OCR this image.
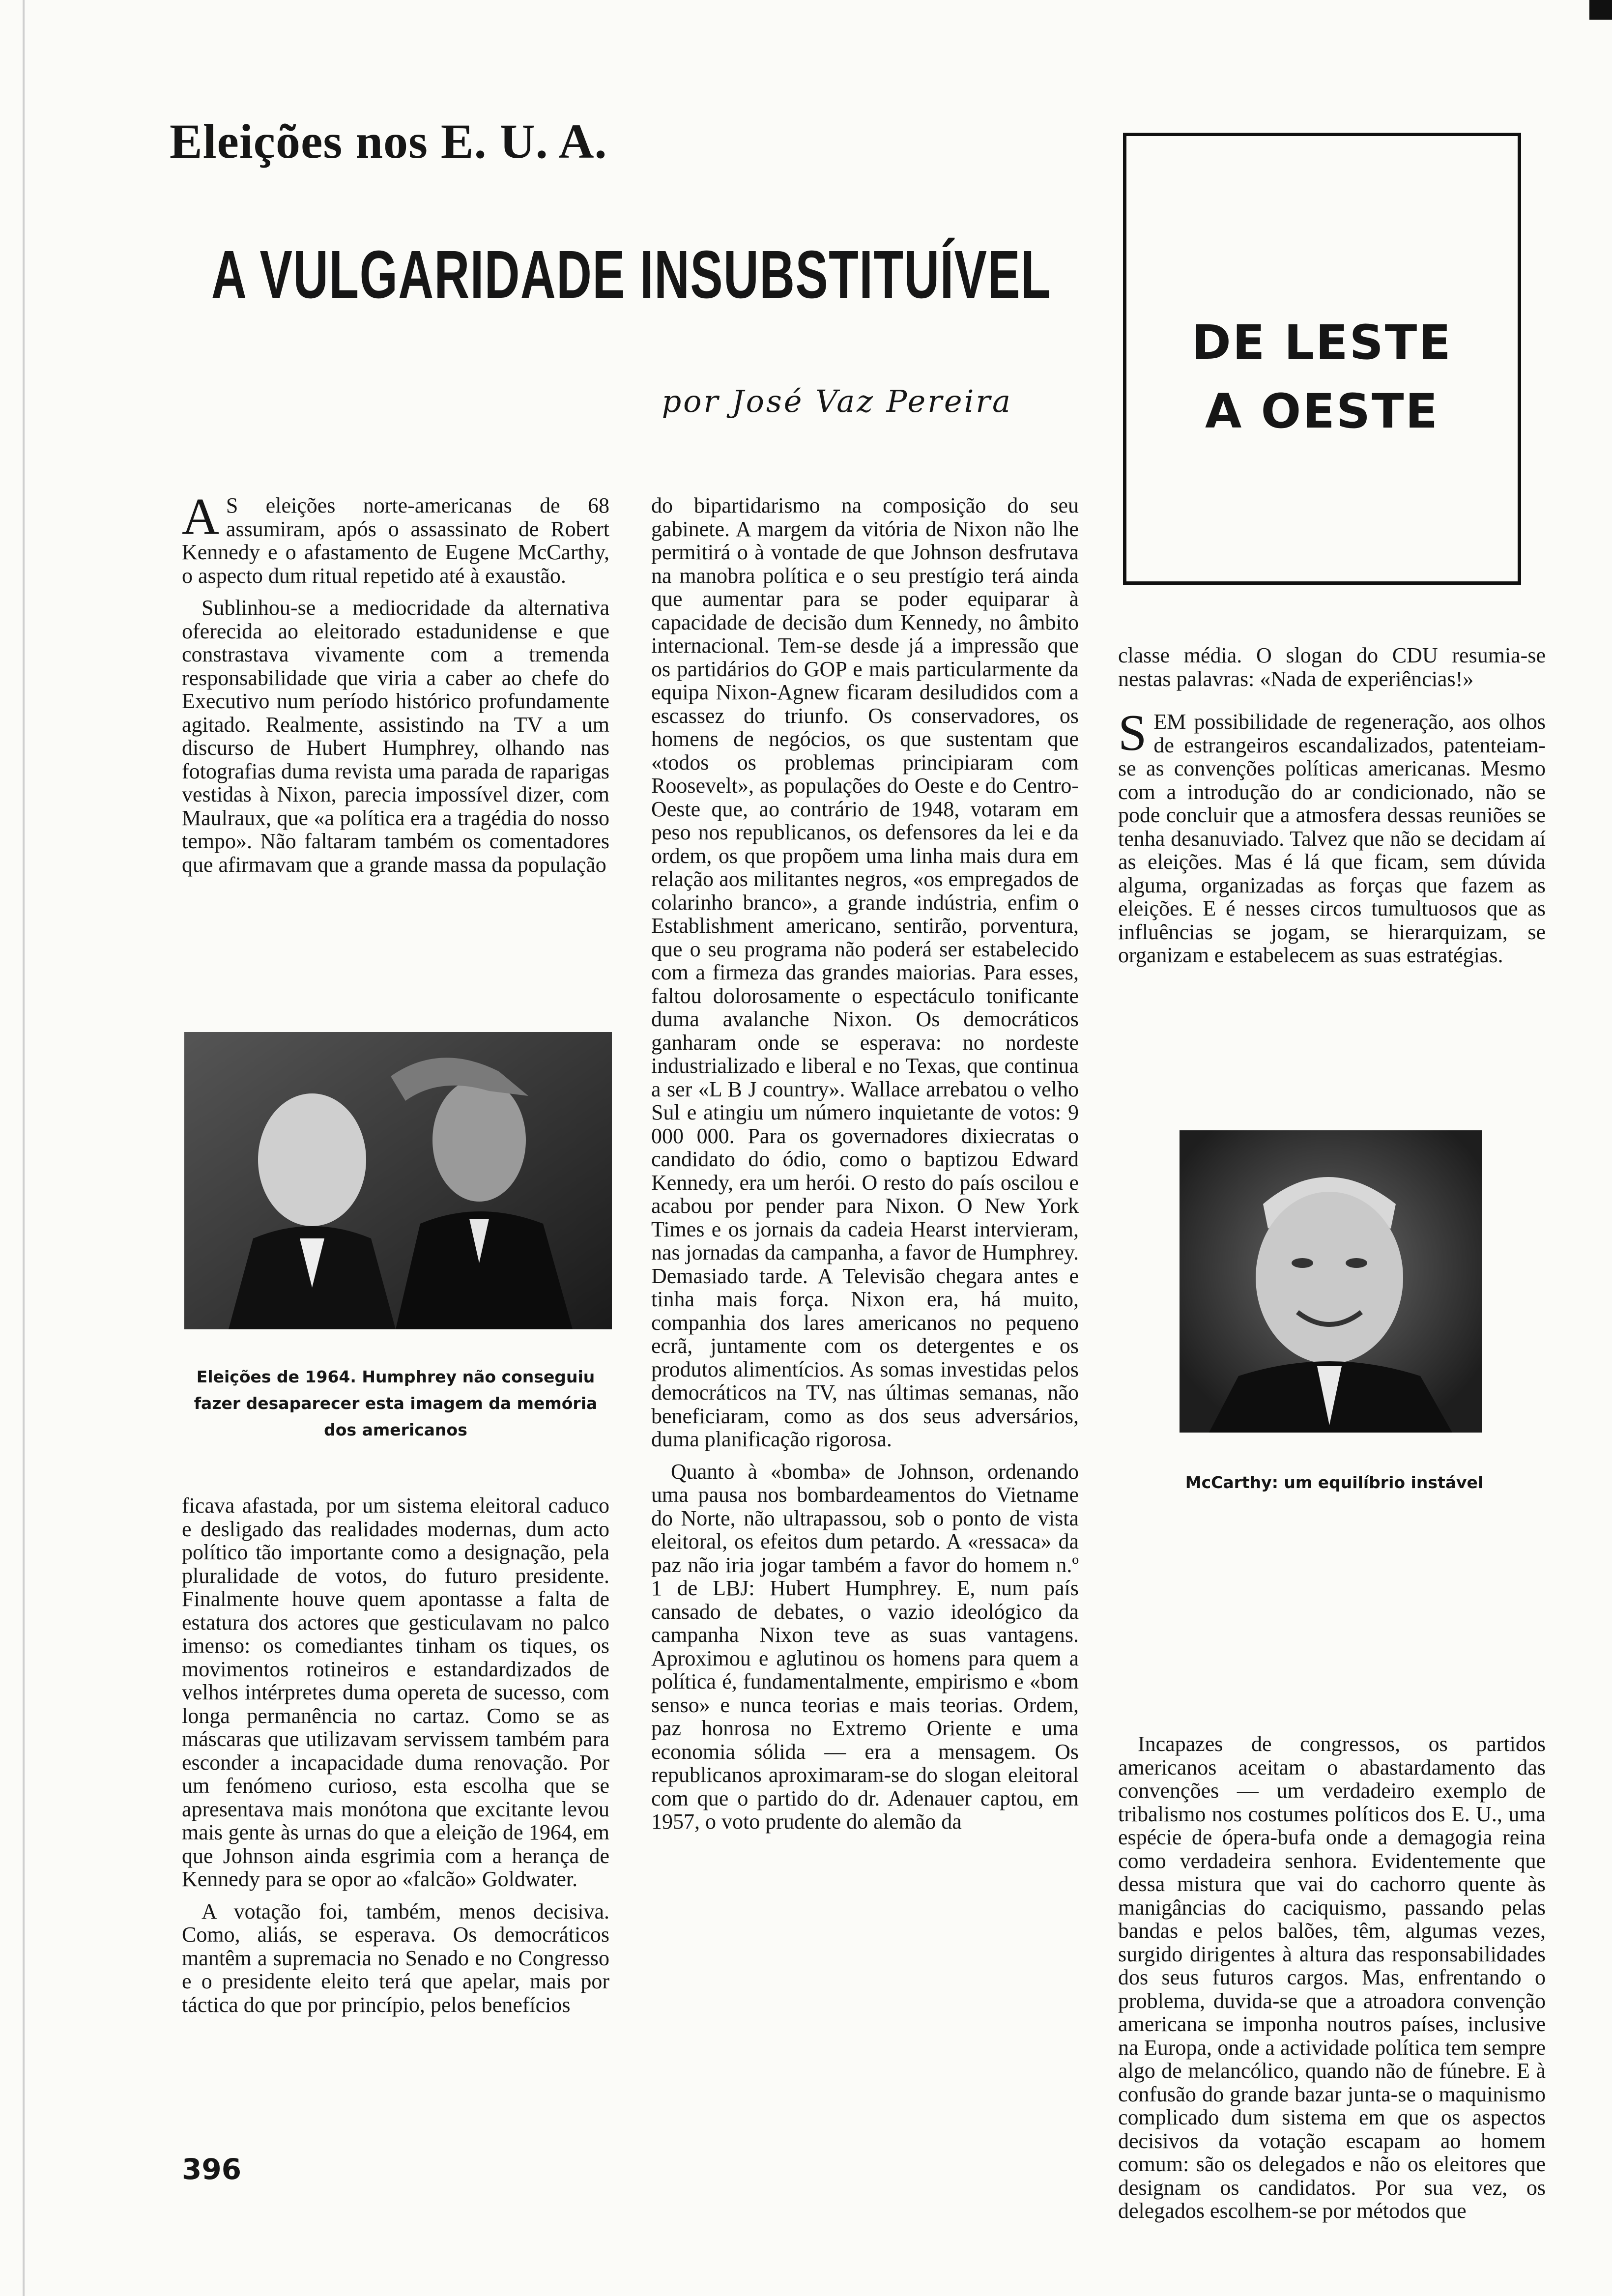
Eleições nos E. U. A.
A VULGARIDADE INSUBSTITUÍVEL
por José Vaz Pereira
DE LESTE
A OESTE

AS eleições norte-americanas de 68 assumiram, após o assassinato de Robert Kennedy e o afastamento de Eugene McCarthy, o aspecto dum ritual repetido até à exaustão.

Sublinhou-se a mediocridade da alternativa oferecida ao eleitorado estadunidense e que constrastava vivamente com a tremenda responsabilidade que viria a caber ao chefe do Executivo num período histórico profundamente agitado. Realmente, assistindo na TV a um discurso de Hubert Humphrey, olhando nas fotografias duma revista uma parada de raparigas vestidas à Nixon, parecia impossível dizer, com Maulraux, que «a política era a tragédia do nosso tempo». Não faltaram também os comentadores que afirmavam que a grande massa da população

Eleições de 1964. Humphrey não conseguiu fazer desaparecer esta imagem da memória dos americanos

ficava afastada, por um sistema eleitoral caduco e desligado das realidades modernas, dum acto político tão importante como a designação, pela pluralidade de votos, do futuro presidente. Finalmente houve quem apontasse a falta de estatura dos actores que gesticulavam no palco imenso: os comediantes tinham os tiques, os movimentos rotineiros e estandardizados de velhos intérpretes duma opereta de sucesso, com longa permanência no cartaz. Como se as máscaras que utilizavam servissem também para esconder a incapacidade duma renovação. Por um fenómeno curioso, esta escolha que se apresentava mais monótona que excitante levou mais gente às urnas do que a eleição de 1964, em que Johnson ainda esgrimia com a herança de Kennedy para se opor ao «falcão» Goldwater.

A votação foi, também, menos decisiva. Como, aliás, se esperava. Os democráticos mantêm a supremacia no Senado e no Congresso e o presidente eleito terá que apelar, mais por táctica do que por princípio, pelos benefícios

do bipartidarismo na composição do seu gabinete. A margem da vitória de Nixon não lhe permitirá o à vontade de que Johnson desfrutava na manobra política e o seu prestígio terá ainda que aumentar para se poder equiparar à capacidade de decisão dum Kennedy, no âmbito internacional. Tem-se desde já a impressão que os partidários do GOP e mais particularmente da equipa Nixon-Agnew ficaram desiludidos com a escassez do triunfo. Os conservadores, os homens de negócios, os que sustentam que «todos os problemas principiaram com Roosevelt», as populações do Oeste e do Centro-Oeste que, ao contrário de 1948, votaram em peso nos republicanos, os defensores da lei e da ordem, os que propõem uma linha mais dura em relação aos militantes negros, «os empregados de colarinho branco», a grande indústria, enfim o Establishment americano, sentirão, porventura, que o seu programa não poderá ser estabelecido com a firmeza das grandes maiorias. Para esses, faltou dolorosamente o espectáculo tonificante duma avalanche Nixon. Os democráticos ganharam onde se esperava: no nordeste industrializado e liberal e no Texas, que continua a ser «L B J country». Wallace arrebatou o velho Sul e atingiu um número inquietante de votos: 9 000 000. Para os governadores dixiecratas o candidato do ódio, como o baptizou Edward Kennedy, era um herói. O resto do país oscilou e acabou por pender para Nixon. O New York Times e os jornais da cadeia Hearst intervieram, nas jornadas da campanha, a favor de Humphrey. Demasiado tarde. A Televisão chegara antes e tinha mais força. Nixon era, há muito, companhia dos lares americanos no pequeno ecrã, juntamente com os detergentes e os produtos alimentícios. As somas investidas pelos democráticos na TV, nas últimas semanas, não beneficiaram, como as dos seus adversários, duma planificação rigorosa.

Quanto à «bomba» de Johnson, ordenando uma pausa nos bombardeamentos do Vietname do Norte, não ultrapassou, sob o ponto de vista eleitoral, os efeitos dum petardo. A «ressaca» da paz não iria jogar também a favor do homem n.º 1 de LBJ: Hubert Humphrey. E, num país cansado de debates, o vazio ideológico da campanha Nixon teve as suas vantagens. Aproximou e aglutinou os homens para quem a política é, fundamentalmente, empirismo e «bom senso» e nunca teorias e mais teorias. Ordem, paz honrosa no Extremo Oriente e uma economia sólida — era a mensagem. Os republicanos aproximaram-se do slogan eleitoral com que o partido do dr. Adenauer captou, em 1957, o voto prudente do alemão da

classe média. O slogan do CDU resumia-se nestas palavras: «Nada de experiências!»

SEM possibilidade de regeneração, aos olhos de estrangeiros escandalizados, patenteiam-se as convenções políticas americanas. Mesmo com a introdução do ar condicionado, não se pode concluir que a atmosfera dessas reuniões se tenha desanuviado. Talvez que não se decidam aí as eleições. Mas é lá que ficam, sem dúvida alguma, organizadas as forças que fazem as eleições. E é nesses circos tumultuosos que as influências se jogam, se hierarquizam, se organizam e estabelecem as suas estratégias.

McCarthy: um equilíbrio instável

Incapazes de congressos, os partidos americanos aceitam o abastardamento das convenções — um verdadeiro exemplo de tribalismo nos costumes políticos dos E. U., uma espécie de ópera-bufa onde a demagogia reina como verdadeira senhora. Evidentemente que dessa mistura que vai do cachorro quente às manigâncias do caciquismo, passando pelas bandas e pelos balões, têm, algumas vezes, surgido dirigentes à altura das responsabilidades dos seus futuros cargos. Mas, enfrentando o problema, duvida-se que a atroadora convenção americana se imponha noutros países, inclusive na Europa, onde a actividade política tem sempre algo de melancólico, quando não de fúnebre. E à confusão do grande bazar junta-se o maquinismo complicado dum sistema em que os aspectos decisivos da votação escapam ao homem comum: são os delegados e não os eleitores que designam os candidatos. Por sua vez, os delegados escolhem-se por métodos que

396
